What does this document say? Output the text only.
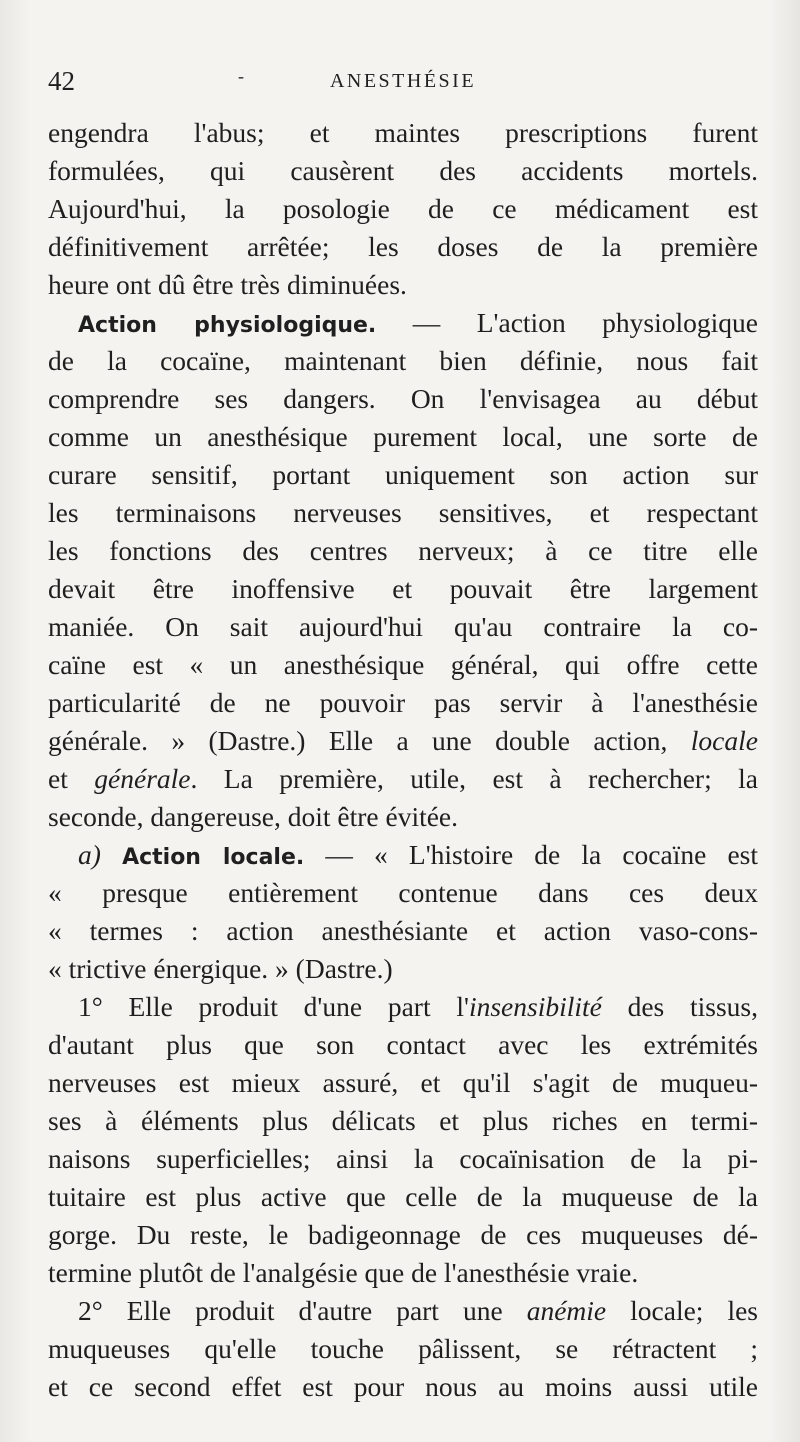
42	-	ANESTHÉSIE
engendra l'abus; et maintes prescriptions furent
formulées, qui causèrent des accidents mortels.
Aujourd'hui, la posologie de ce médicament est
définitivement arrêtée; les doses de la première
heure ont dû être très diminuées.
Action physiologique. — L'action physiologique
de la cocaïne, maintenant bien définie, nous fait
comprendre ses dangers. On l'envisagea au début
comme un anesthésique purement local, une sorte de
curare sensitif, portant uniquement son action sur
les terminaisons nerveuses sensitives, et respectant
les fonctions des centres nerveux; à ce titre elle
devait être inoffensive et pouvait être largement
maniée. On sait aujourd'hui qu'au contraire la co-
caïne est « un anesthésique général, qui offre cette
particularité de ne pouvoir pas servir à l'anesthésie
générale. » (Dastre.) Elle a une double action, locale
et générale. La première, utile, est à rechercher; la
seconde, dangereuse, doit être évitée.
a) Action locale. — « L'histoire de la cocaïne est
« presque entièrement contenue dans ces deux
« termes : action anesthésiante et action vaso-cons-
« trictive énergique. » (Dastre.)
1° Elle produit d'une part l'insensibilité des tissus,
d'autant plus que son contact avec les extrémités
nerveuses est mieux assuré, et qu'il s'agit de muqueu-
ses à éléments plus délicats et plus riches en termi-
naisons superficielles; ainsi la cocaïnisation de la pi-
tuitaire est plus active que celle de la muqueuse de la
gorge. Du reste, le badigeonnage de ces muqueuses dé-
termine plutôt de l'analgésie que de l'anesthésie vraie.
2° Elle produit d'autre part une anémie locale; les
muqueuses qu'elle touche pâlissent, se rétractent ;
et ce second effet est pour nous au moins aussi utile
